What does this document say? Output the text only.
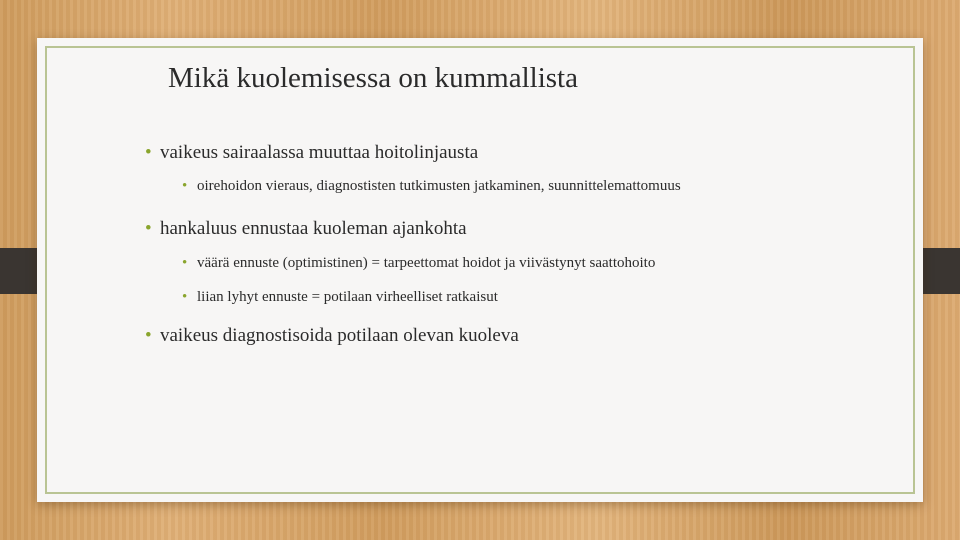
Mikä kuolemisessa on kummallista
• vaikeus sairaalassa muuttaa hoitolinjausta
• oirehoidon vieraus, diagnostisten tutkimusten jatkaminen, suunnittelemattomuus
• hankaluus ennustaa kuoleman ajankohta
• väärä ennuste (optimistinen) = tarpeettomat hoidot ja viivästynyt saattohoito
• liian lyhyt ennuste = potilaan virheelliset ratkaisut
• vaikeus diagnostisoida potilaan olevan kuoleva
